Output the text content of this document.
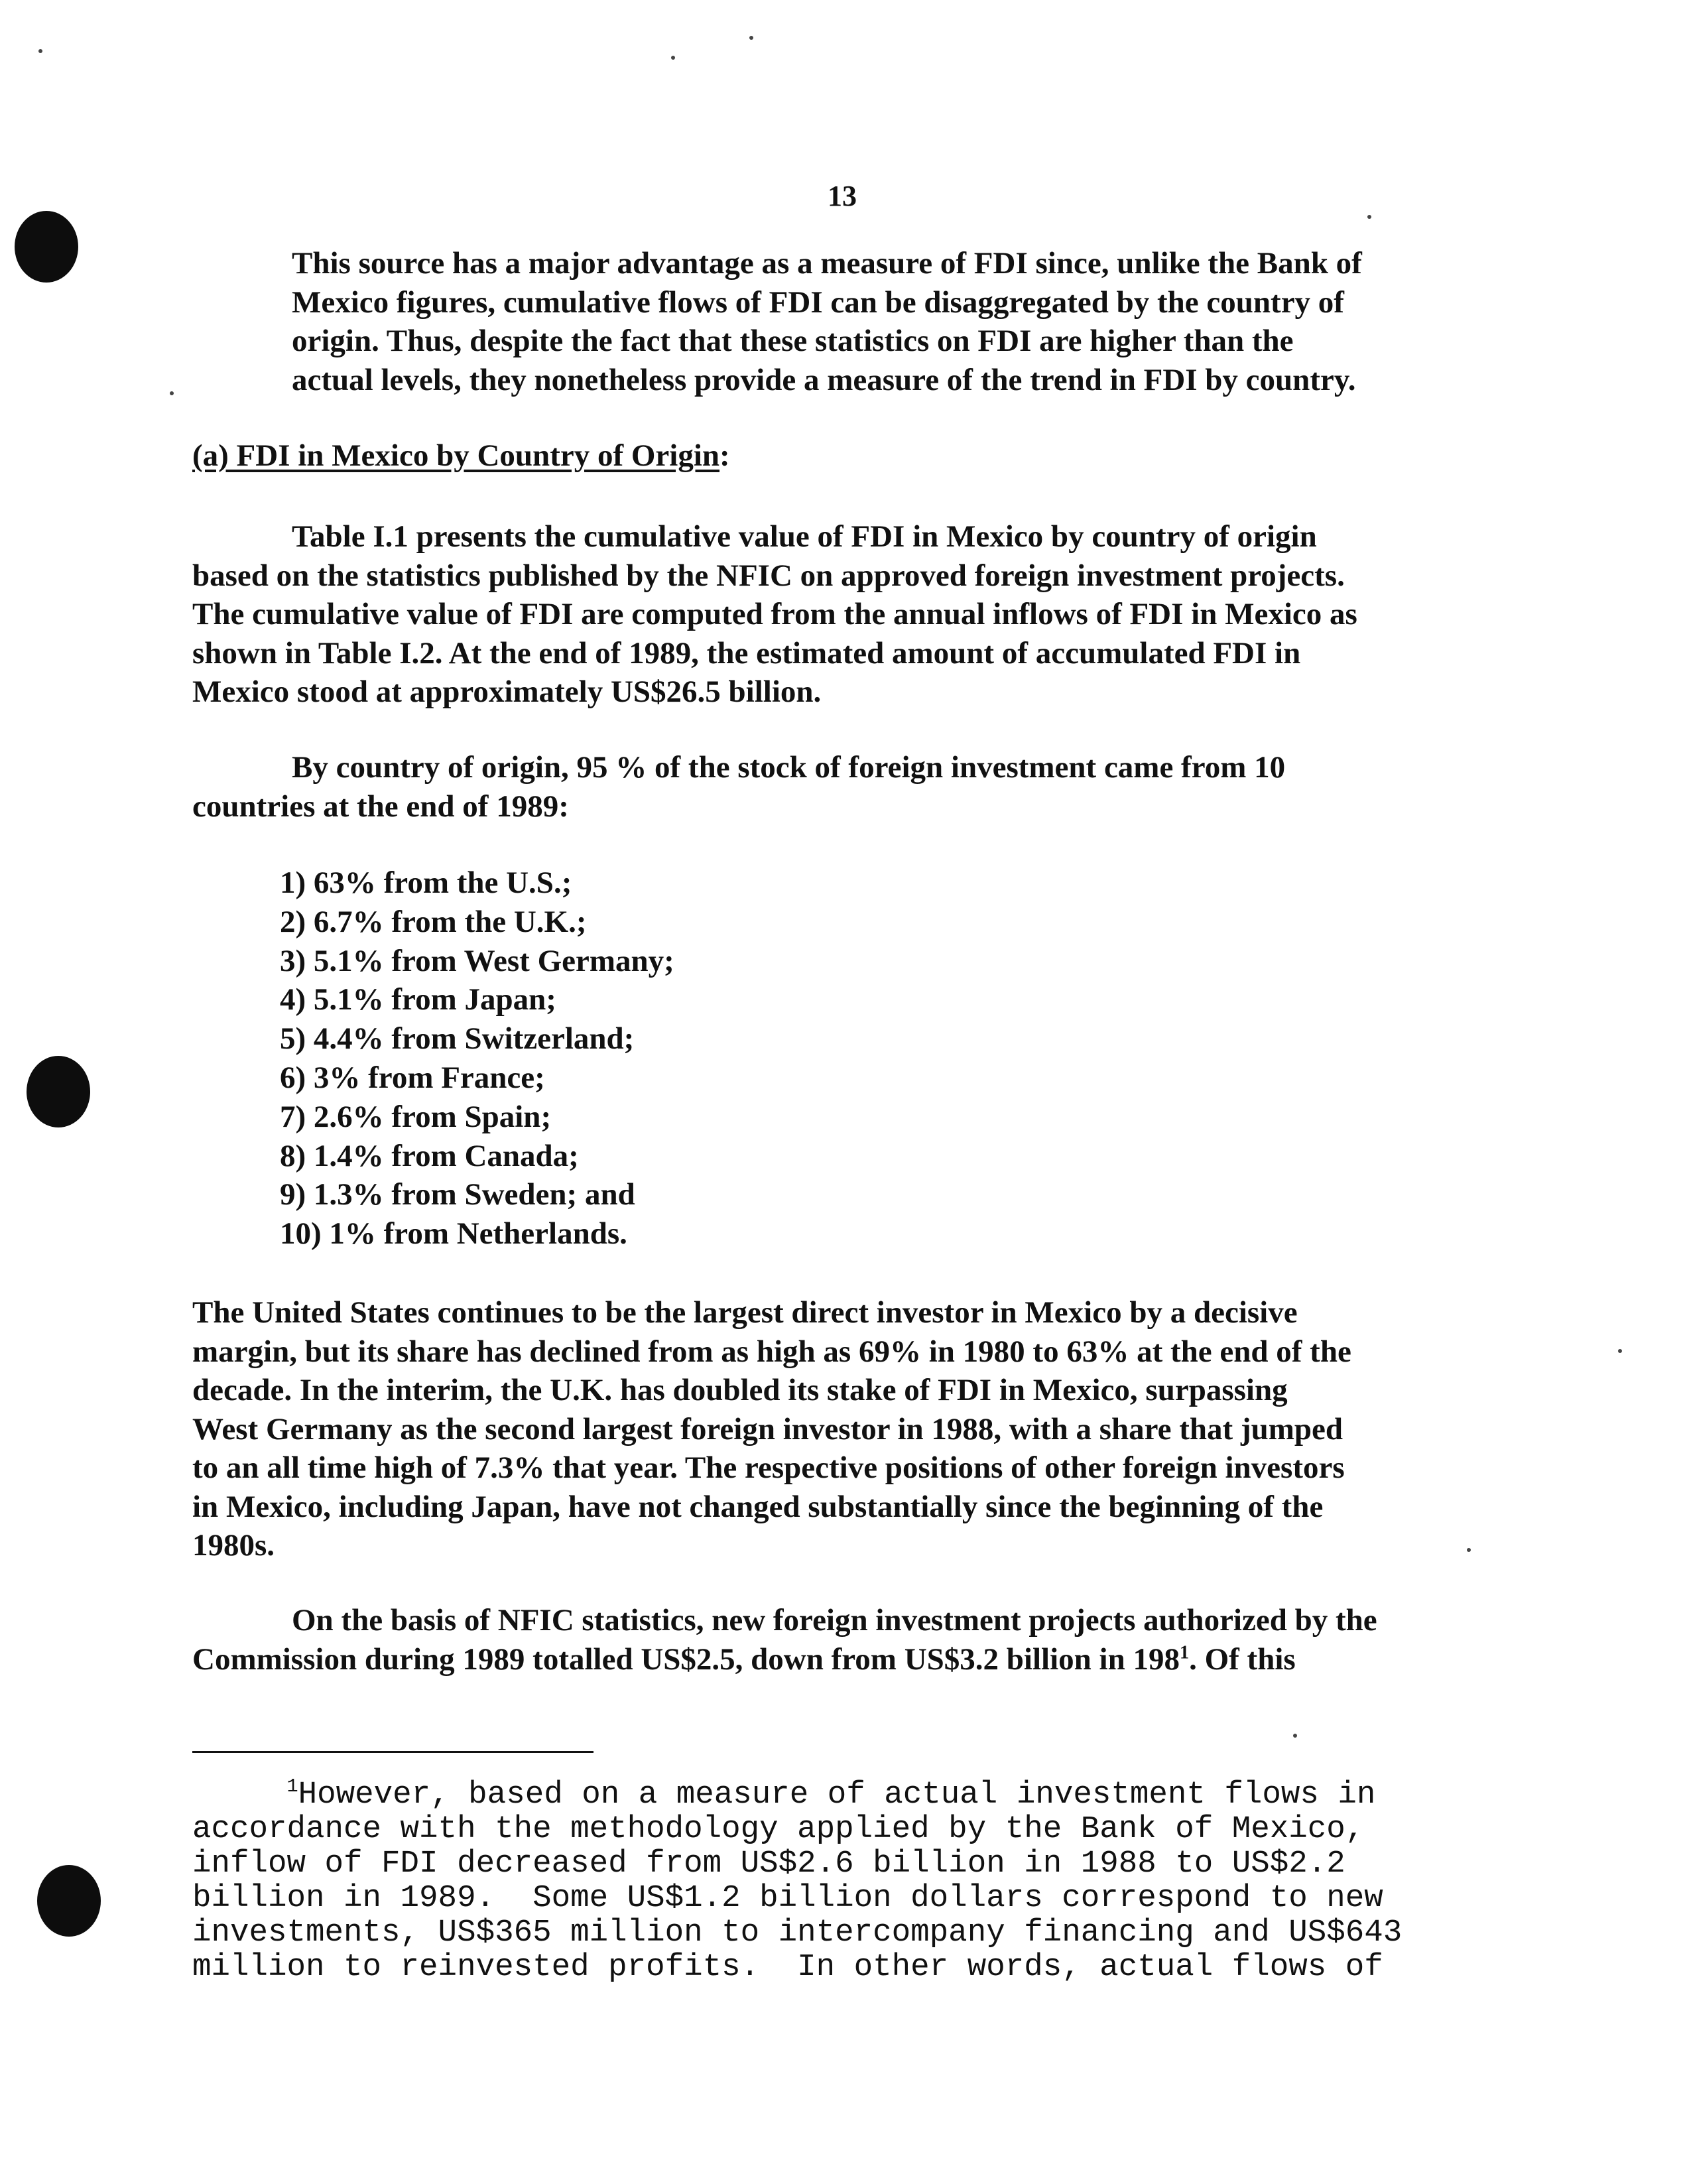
13

This source has a major advantage as a measure of FDI since, unlike the Bank of
Mexico figures, cumulative flows of FDI can be disaggregated by the country of
origin. Thus, despite the fact that these statistics on FDI are higher than the
actual levels, they nonetheless provide a measure of the trend in FDI by country.

(a) FDI in Mexico by Country of Origin:

Table I.1 presents the cumulative value of FDI in Mexico by country of origin
based on the statistics published by the NFIC on approved foreign investment projects.
The cumulative value of FDI are computed from the annual inflows of FDI in Mexico as
shown in Table I.2. At the end of 1989, the estimated amount of accumulated FDI in
Mexico stood at approximately US$26.5 billion.

By country of origin, 95 % of the stock of foreign investment came from 10
countries at the end of 1989:

1) 63% from the U.S.;
2) 6.7% from the U.K.;
3) 5.1% from West Germany;
4) 5.1% from Japan;
5) 4.4% from Switzerland;
6) 3% from France;
7) 2.6% from Spain;
8) 1.4% from Canada;
9) 1.3% from Sweden; and
10) 1% from Netherlands.

The United States continues to be the largest direct investor in Mexico by a decisive
margin, but its share has declined from as high as 69% in 1980 to 63% at the end of the
decade. In the interim, the U.K. has doubled its stake of FDI in Mexico, surpassing
West Germany as the second largest foreign investor in 1988, with a share that jumped
to an all time high of 7.3% that year. The respective positions of other foreign investors
in Mexico, including Japan, have not changed substantially since the beginning of the
1980s.

On the basis of NFIC statistics, new foreign investment projects authorized by the
Commission during 1989 totalled US$2.5, down from US$3.2 billion in $198^1$. Of this

$^1$However, based on a measure of actual investment flows in
accordance with the methodology applied by the Bank of Mexico,
inflow of FDI decreased from US$2.6 billion in 1988 to US$2.2
billion in 1989.  Some US$1.2 billion dollars correspond to new
investments, US$365 million to intercompany financing and US$643
million to reinvested profits.  In other words, actual flows of
